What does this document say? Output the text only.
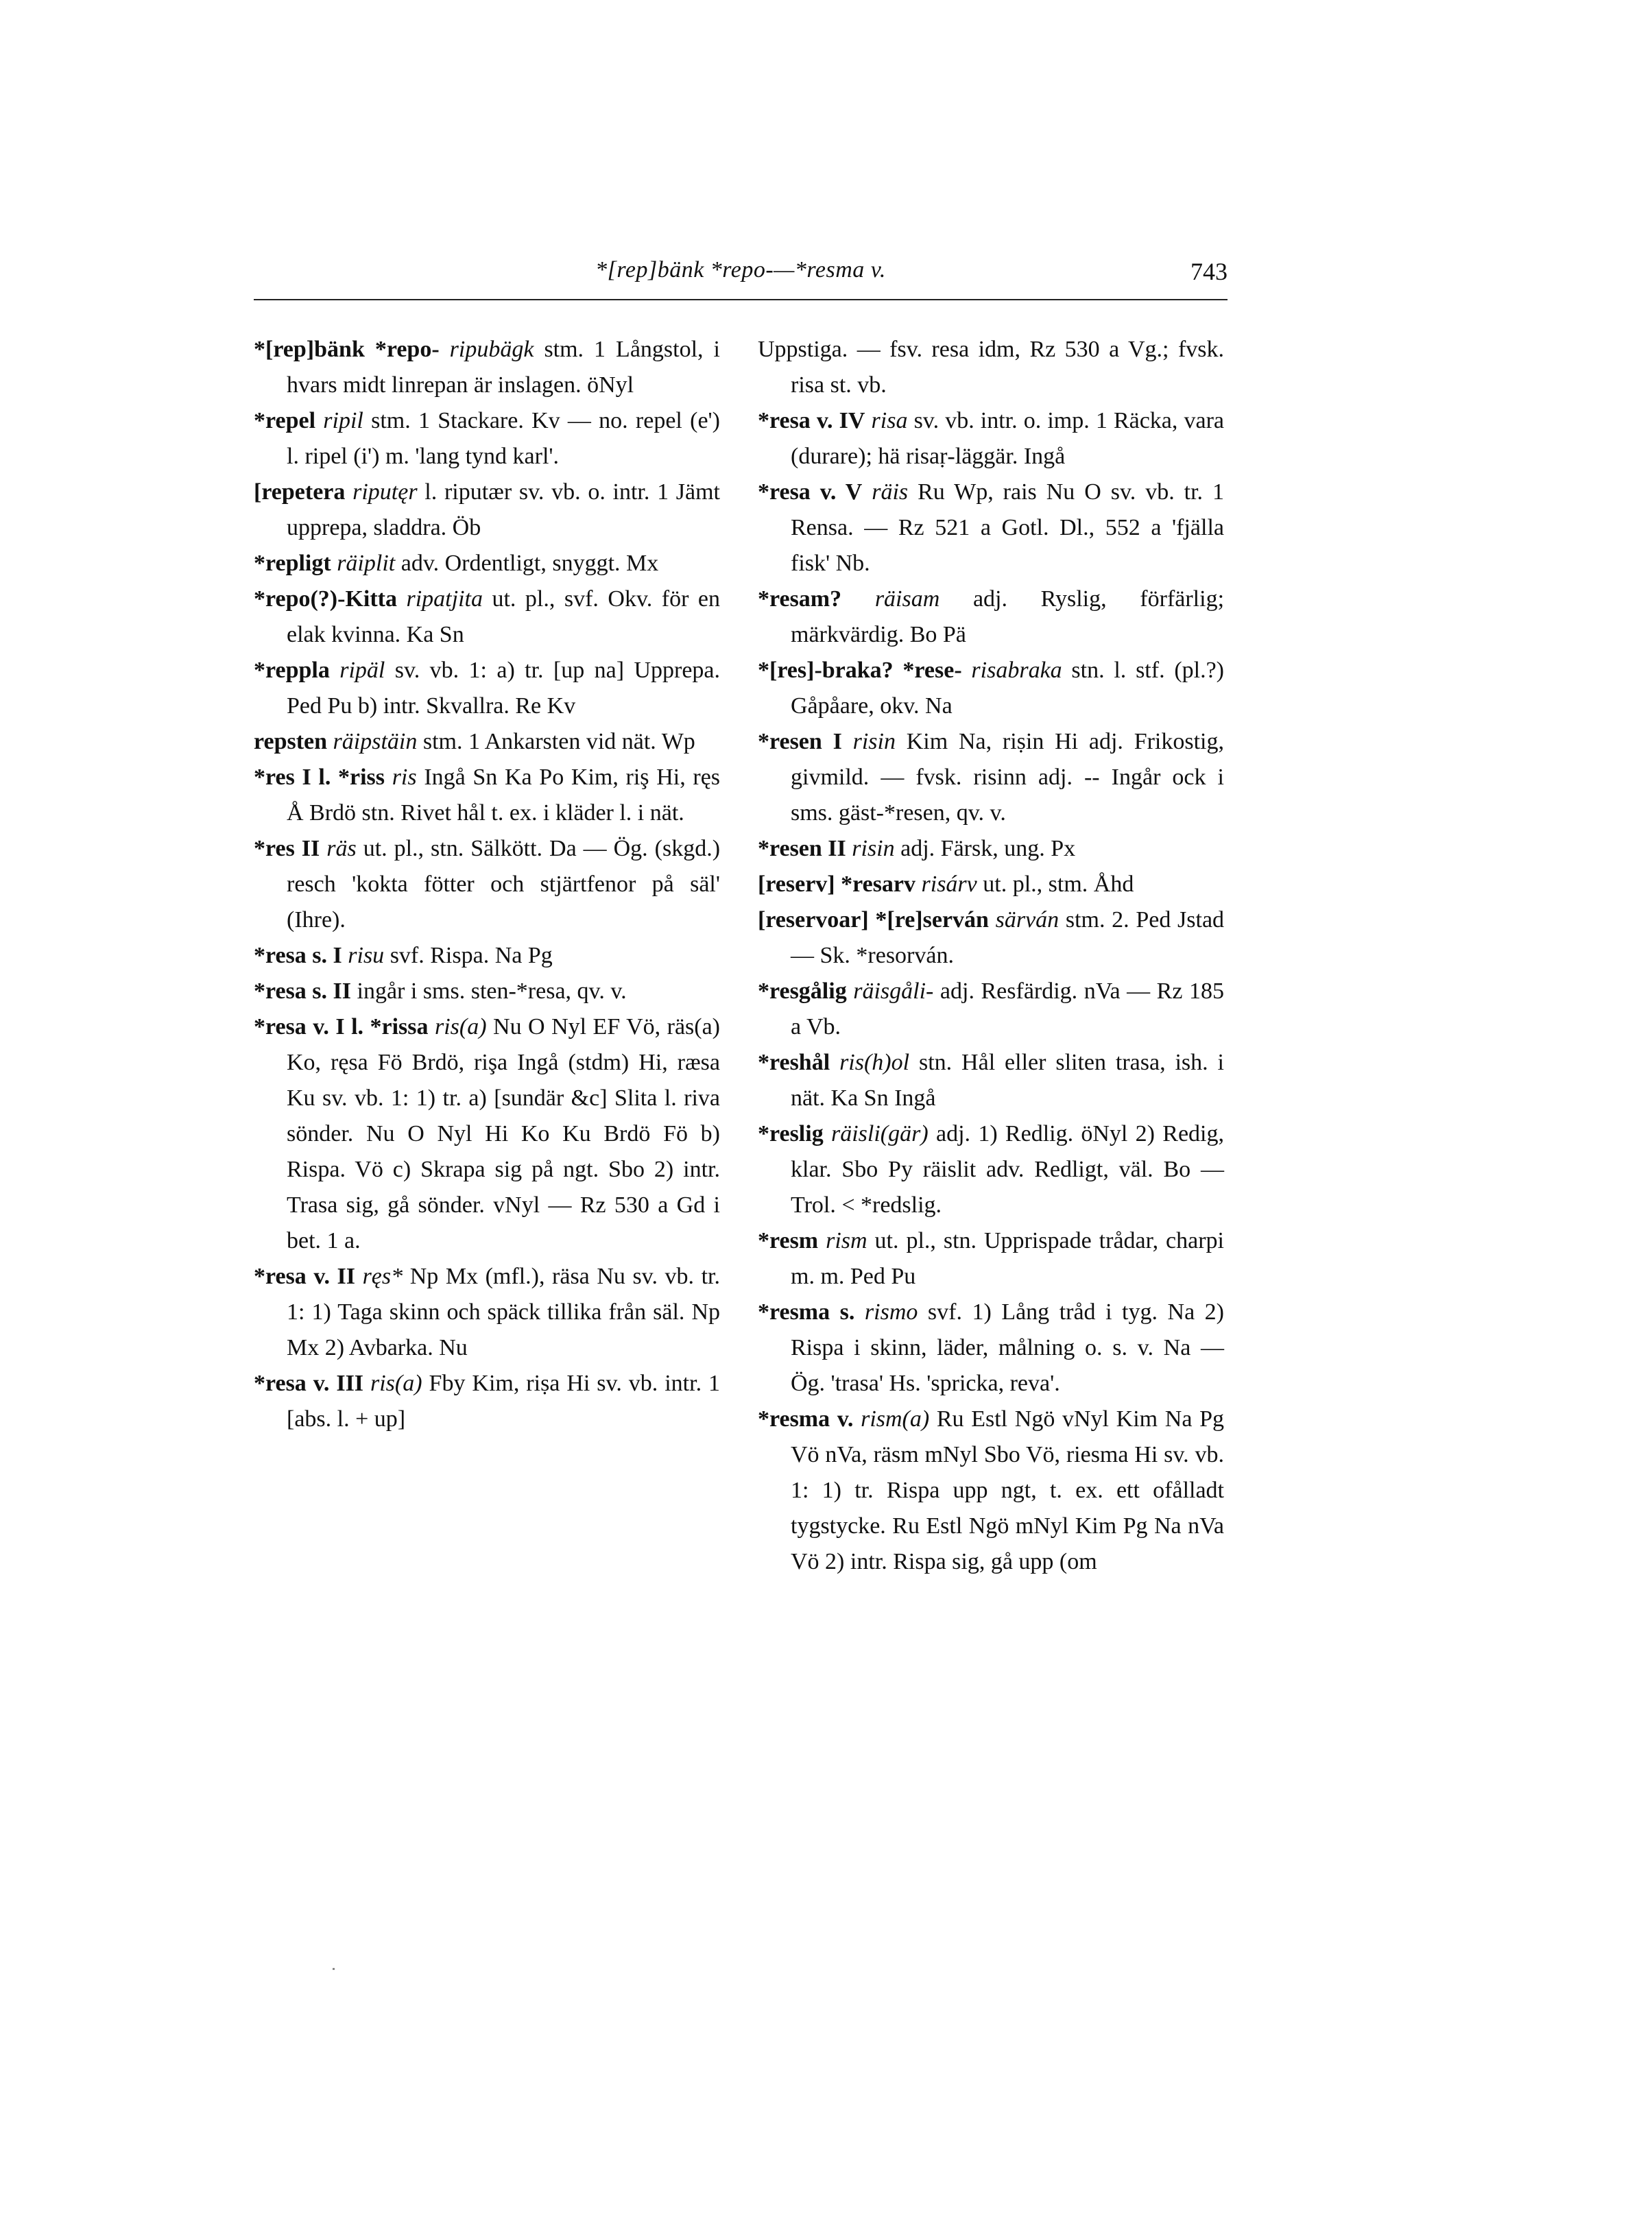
*[rep]bänk *repo-—*resma v.	743

*[rep]bänk *repo- ripubägk stm. 1 Långstol, i hvars midt linrepan är inslagen. öNyl

*repel ripil stm. 1 Stackare. Kv — no. repel (e') l. ripel (i') m. 'lang tynd karl'.

[repetera riputęr l. riputær sv. vb. o. intr. 1 Jämt upprepa, sladdra. Öb

*repligt räiplit adv. Ordentligt, snyggt. Mx

*repo(?)-Kitta ripatjita ut. pl., svf. Okv. för en elak kvinna. Ka Sn

*reppla ripäl sv. vb. 1: a) tr. [up na] Upprepa. Ped Pu b) intr. Skvallra. Re Kv

repsten räipstäin stm. 1 Ankarsten vid nät. Wp

*res I l. *riss ris Ingå Sn Ka Po Kim, riş Hi, ręs Å Brdö stn. Rivet hål t. ex. i kläder l. i nät.

*res II räs ut. pl., stn. Sälkött. Da — Ög. (skgd.) resch 'kokta fötter och stjärtfenor på säl' (Ihre).

*resa s. I risu svf. Rispa. Na Pg

*resa s. II ingår i sms. sten-*resa, qv. v.

*resa v. I l. *rissa ris(a) Nu O Nyl EF Vö, räs(a) Ko, ręsa Fö Brdö, rişa Ingå (stdm) Hi, ræsa Ku sv. vb. 1: 1) tr. a) [sundär &c] Slita l. riva sönder. Nu O Nyl Hi Ko Ku Brdö Fö b) Rispa. Vö c) Skrapa sig på ngt. Sbo 2) intr. Trasa sig, gå sönder. vNyl — Rz 530 a Gd i bet. 1 a.

*resa v. II ręs* Np Mx (mfl.), räsa Nu sv. vb. tr. 1: 1) Taga skinn och späck tillika från säl. Np Mx 2) Avbarka. Nu

*resa v. III ris(a) Fby Kim, riṣa Hi sv. vb. intr. 1 [abs. l. + up]

Uppstiga. — fsv. resa idm, Rz 530 a Vg.; fvsk. risa st. vb.

*resa v. IV risa sv. vb. intr. o. imp. 1 Räcka, vara (durare); hä risaṛ-läggär. Ingå

*resa v. V räis Ru Wp, rais Nu O sv. vb. tr. 1 Rensa. — Rz 521 a Gotl. Dl., 552 a 'fjälla fisk' Nb.

*resam? räisam adj. Ryslig, förfärlig; märkvärdig. Bo Pä

*[res]-braka? *rese- risabraka stn. l. stf. (pl.?) Gåpåare, okv. Na

*resen I risin Kim Na, riṣin Hi adj. Frikostig, givmild. — fvsk. risinn adj. -- Ingår ock i sms. gäst-*resen, qv. v.

*resen II risin adj. Färsk, ung. Px

[reserv] *resarv risárv ut. pl., stm. Åhd

[reservoar] *[re]serván särván stm. 2. Ped Jstad — Sk. *resorván.

*resgålig räisgåli- adj. Resfärdig. nVa — Rz 185 a Vb.

*reshål ris(h)ol stn. Hål eller sliten trasa, ish. i nät. Ka Sn Ingå

*reslig räisli(gär) adj. 1) Redlig. öNyl 2) Redig, klar. Sbo Py räislit adv. Redligt, väl. Bo — Trol. < *redslig.

*resm rism ut. pl., stn. Upprispade trådar, charpi m. m. Ped Pu

*resma s. rismo svf. 1) Lång tråd i tyg. Na 2) Rispa i skinn, läder, målning o. s. v. Na — Ög. 'trasa' Hs. 'spricka, reva'.

*resma v. rism(a) Ru Estl Ngö vNyl Kim Na Pg Vö nVa, räsm mNyl Sbo Vö, riesma Hi sv. vb. 1: 1) tr. Rispa upp ngt, t. ex. ett ofålladt tygstycke. Ru Estl Ngö mNyl Kim Pg Na nVa Vö 2) intr. Rispa sig, gå upp (om
